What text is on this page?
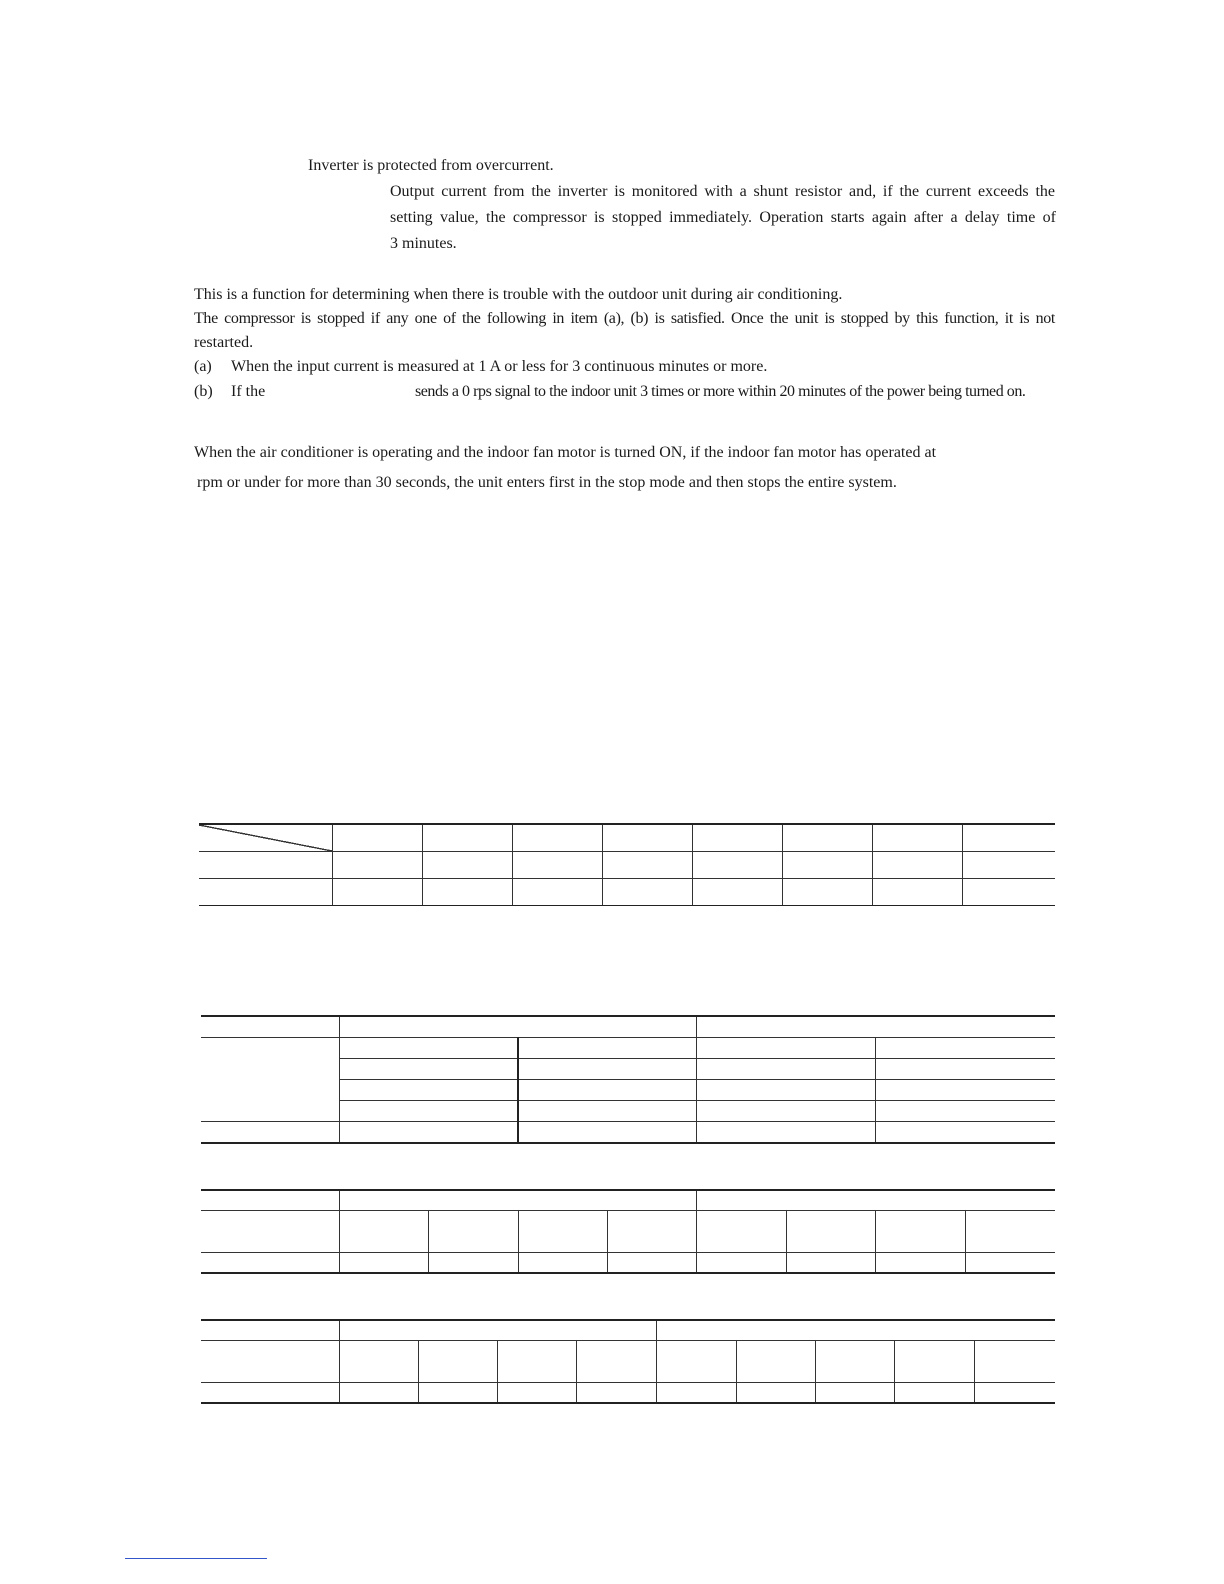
Inverter is protected from overcurrent.
Output current from the inverter is monitored with a shunt resistor and, if the current exceeds the
setting value, the compressor is stopped immediately. Operation starts again after a delay time of
3 minutes.
This is a function for determining when there is trouble with the outdoor unit during air conditioning.
The compressor is stopped if any one of the following in item (a), (b) is satisfied. Once the unit is stopped by this function, it is not
restarted.
(a) When the input current is measured at 1 A or less for 3 continuous minutes or more.
(b) If the	sends a 0 rps signal to the indoor unit 3 times or more within 20 minutes of the power being turned on.
When the air conditioner is operating and the indoor fan motor is turned ON, if the indoor fan motor has operated at
rpm or under for more than 30 seconds, the unit enters first in the stop mode and then stops the entire system.
